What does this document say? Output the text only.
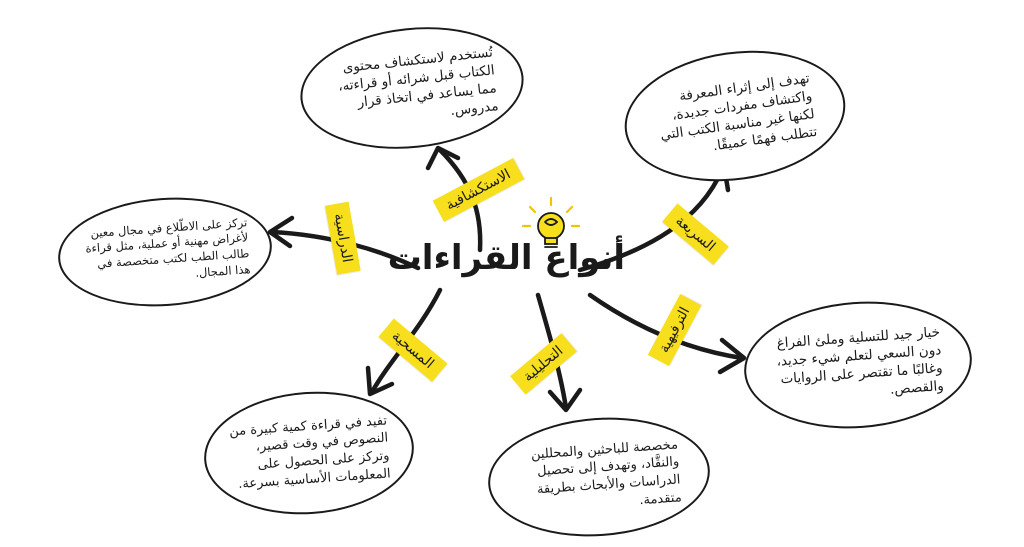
أنواع القراءات
الاستكشافية
السريعة
الدراسية
الترفيهية
المسحية	التحليلية

تُستخدم لاستكشاف محتوى الكتاب قبل شرائه أو قراءته، مما يساعد في اتخاذ قرار مدروس.

تهدف إلى إثراء المعرفة واكتشاف مفردات جديدة، لكنها غير مناسبة الكتب التي تتطلب فهمًا عميقًا.

تركز على الاطّلاع في مجال معين لأغراض مهنية أو عملية، مثل قراءة طالب الطب لكتب متخصصة في هذا المجال.

خيار جيد للتسلية وملئ الفراغ دون السعي لتعلم شيء جديد، وغالبًا ما تقتصر على الروايات والقصص.

تفيد في قراءة كمية كبيرة من النصوص في وقت قصير، وتركز على الحصول على المعلومات الأساسية بسرعة.

مخصصة للباحثين والمحللين والنقَّاد، وتهدف إلى تحصيل الدراسات والأبحاث بطريقة متقدمة.
